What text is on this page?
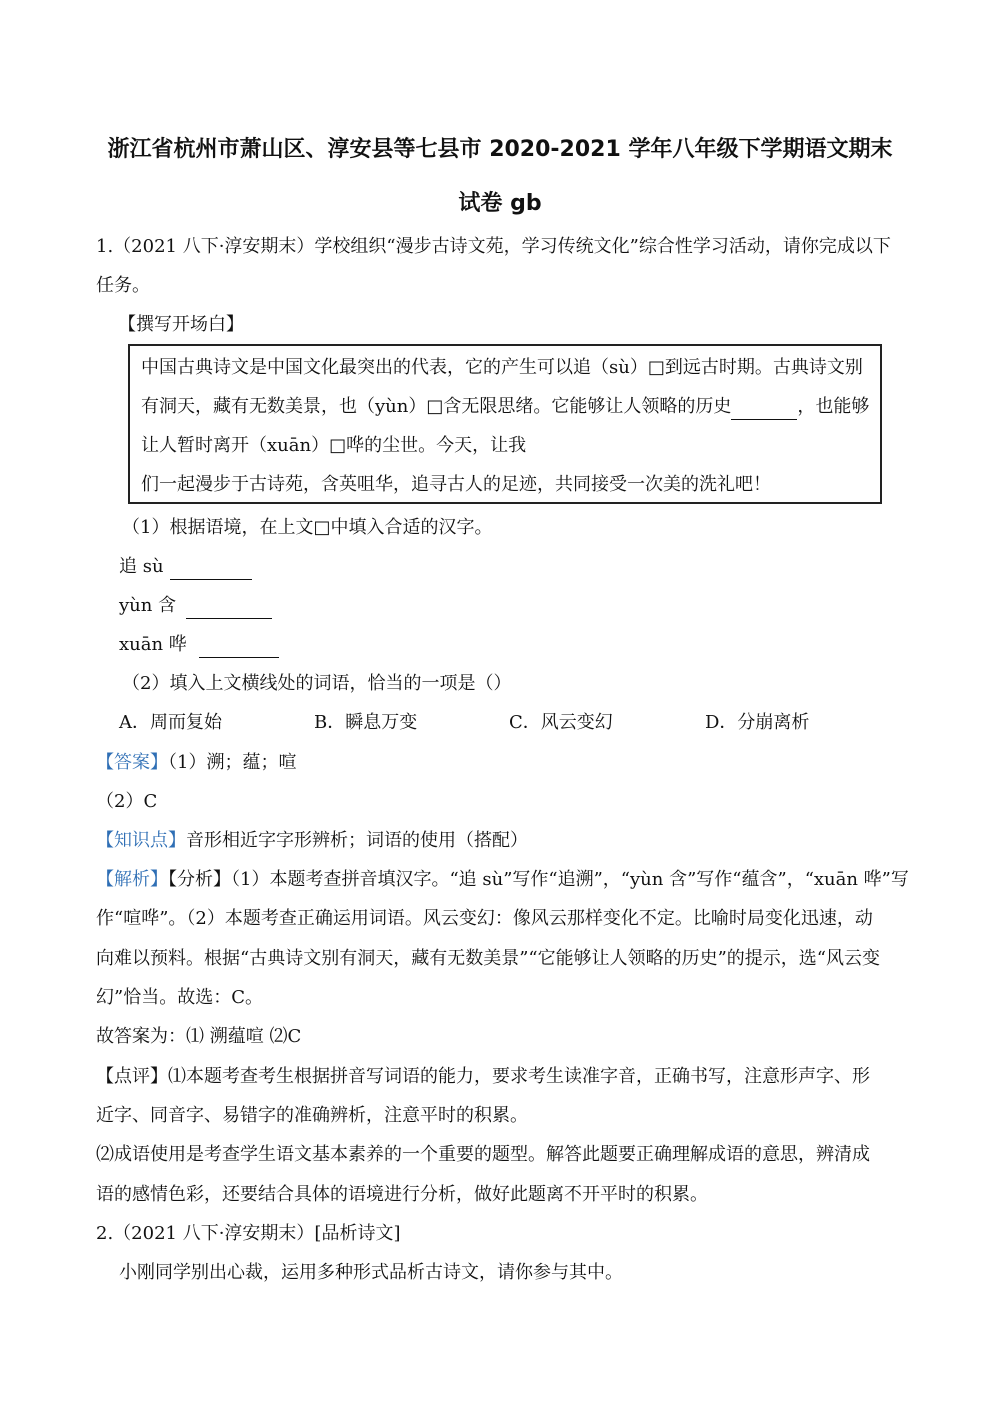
浙江省杭州市萧山区、淳安县等七县市 2020-2021 学年八年级下学期语文期末
试卷 gb
1.（2021 八下·淳安期末）学校组织“漫步古诗文苑，学习传统文化”综合性学习活动，请你完成以下
任务。
【撰写开场白】
中国古典诗文是中国文化最突出的代表，它的产生可以追（sù）□到远古时期。古典诗文别
有洞天，藏有无数美景，也（yùn）□含无限思绪。它能够让人领略的历史	，也能够
让人暂时离开（xuān）□哗的尘世。今天，让我
们一起漫步于古诗苑，含英咀华，追寻古人的足迹，共同接受一次美的洗礼吧！
（1）根据语境，在上文□中填入合适的汉字。
追 sù
yùn 含
xuān 哗
（2）填入上文横线处的词语，恰当的一项是（）
A．周而复始	B．瞬息万变	C．风云变幻	D．分崩离析
【答案】（1）溯；蕴；喧
（2）C
【知识点】音形相近字字形辨析；词语的使用（搭配）
【解析】【分析】（1）本题考查拼音填汉字。“追 sù”写作“追溯”，“yùn 含”写作“蕴含”，“xuān 哗”写
作“喧哗”。（2）本题考查正确运用词语。风云变幻：像风云那样变化不定。比喻时局变化迅速，动
向难以预料。根据“古典诗文别有洞天，藏有无数美景”“它能够让人领略的历史”的提示，选“风云变
幻”恰当。故选：C。
故答案为：⑴ 溯蕴喧 ⑵C
【点评】⑴本题考查考生根据拼音写词语的能力，要求考生读准字音，正确书写，注意形声字、形
近字、同音字、易错字的准确辨析，注意平时的积累。
⑵成语使用是考查学生语文基本素养的一个重要的题型。解答此题要正确理解成语的意思，辨清成
语的感情色彩，还要结合具体的语境进行分析，做好此题离不开平时的积累。
2.（2021 八下·淳安期末）[品析诗文]
小刚同学别出心裁，运用多种形式品析古诗文，请你参与其中。
